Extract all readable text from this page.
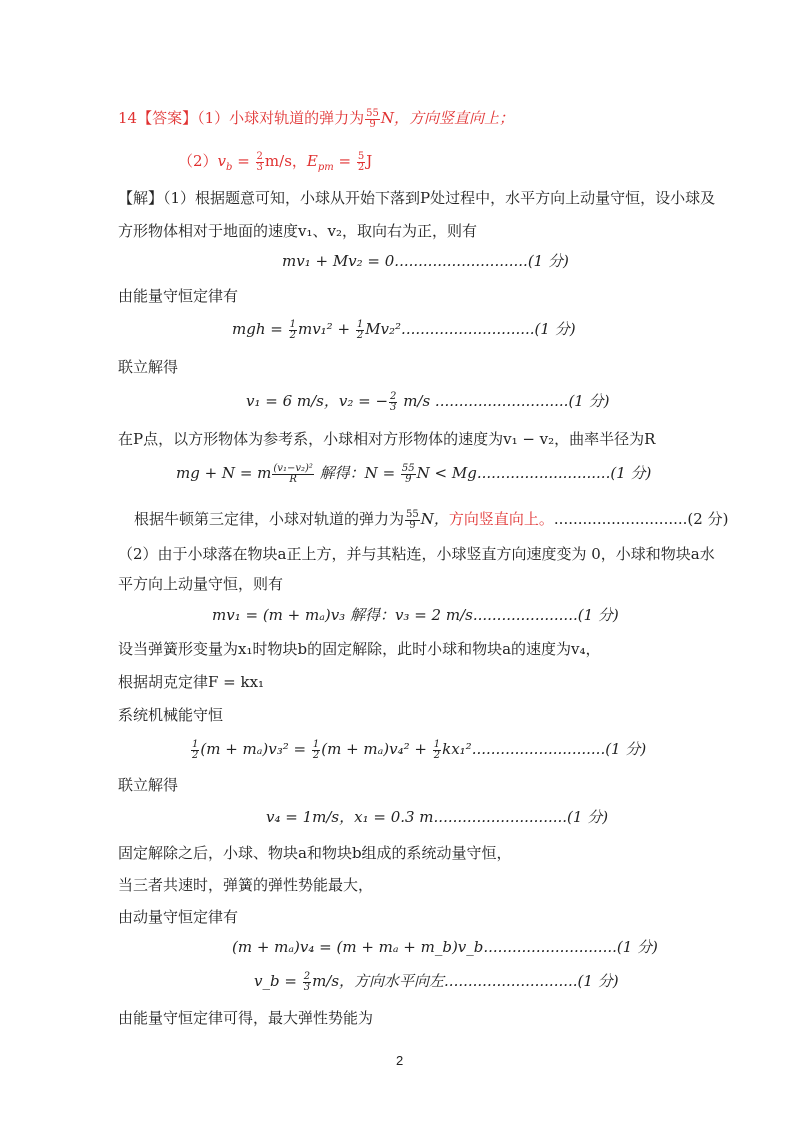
14【答案】（1）小球对轨道的弹力为 $\frac{55}{9}$ N，方向竖直向上；
$(2)v_b = \frac{2}{3} m/s$，$E_{pm} = \frac{5}{2}$ J
【解】（1）根据题意可知，小球从开始下落到P处过程中，水平方向上动量守恒，设小球及
方形物体相对于地面的速度v₁、v₂，取向右为正，则有
mv₁ + Mv₂ = 0............................(1 分)
由能量守恒定律有
mgh = $\frac{1}{2} mv_1^2 + \frac{1}{2} Mv_2^2............................(1$ 分)
联立解得
v₁ = 6 m/s，v₂ = − $\frac{2}{3} m/s$ ............................(1 分)
在P点，以方形物体为参考系，小球相对方形物体的速度为v₁ − v₂，曲率半径为R
mg + N = m $\frac{\text{(v₁−v₂)²}}{R}$ 解得：$N = \frac{55}{9}$ N < Mg............................(1 分)
根据牛顿第三定律，小球对轨道的弹力为 $\frac{55}{9}$ N，方向竖直向上。............................(2 分)
（2）由于小球落在物块a正上方，并与其粘连，小球竖直方向速度变为 0，小球和物块a水
平方向上动量守恒，则有
mv₁ = (m + mₐ)v₃ 解得：v₃ = 2 m/s......................(1 分)
设当弹簧形变量为x₁时物块b的固定解除，此时小球和物块a的速度为v₄，
根据胡克定律F = kx₁
系统机械能守恒
$\frac{1}{2} (m + m_a)v_3^2 = \frac{1}{2} (m + m_a)v_4^2 + \frac{1}{2} kx_1^2............................(1$ 分)
联立解得
v₄ = 1m/s，x₁ = 0.3 m............................(1 分)
固定解除之后，小球、物块a和物块b组成的系统动量守恒，
当三者共速时，弹簧的弹性势能最大，
由动量守恒定律有
(m + mₐ)v₄ = (m + mₐ + m_b)v_b............................(1 分)
v_b = $\frac{2}{3} m/s$，方向水平向左............................(1 分)
由能量守恒定律可得，最大弹性势能为
2
